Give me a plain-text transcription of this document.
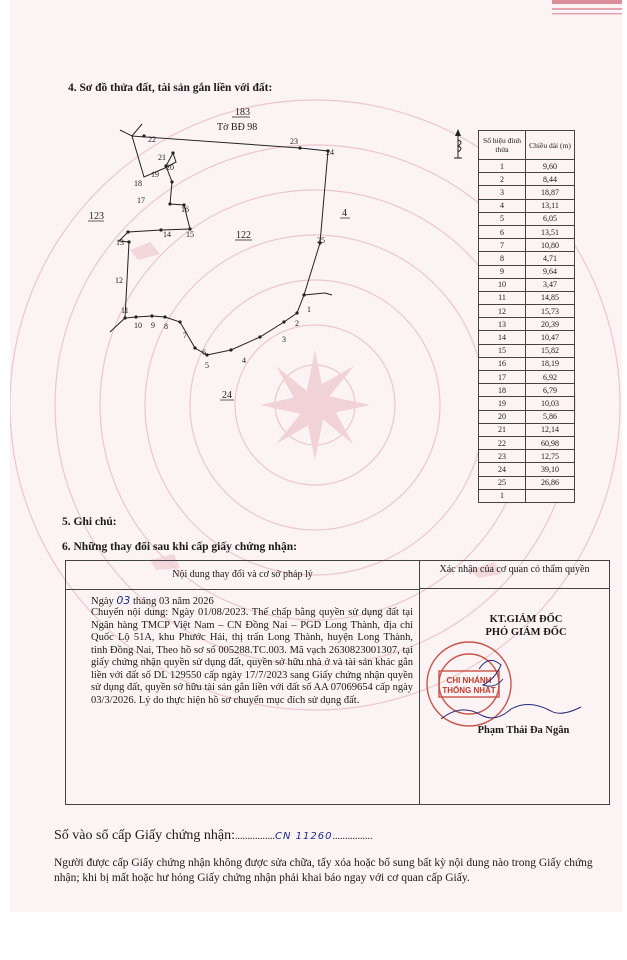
4. Sơ đồ thửa đất, tài sản gắn liền với đất:
1
2
3
4
5
6
7
8
9
10
11
12
13
14 15
16
17
18
19
20
21
22	23
24
25
183
Tờ BĐ 98
123
122
4
24
Số hiệu đỉnh thửa	Chiều dài (m)
1	9,60
2	8,44
3	18,87
4	13,11
5	6,05
6	13,51
7	10,80
8	4,71
9	9,64
10	3,47
11	14,85
12	15,73
13	20,39
14	10,47
15	15,82
16	18,19
17	6,92
18	6,79
19	10,03
20	5,86
21	12,14
22	60,98
23	12,75
24	39,10
25	26,86
1	
5. Ghi chú:
6. Những thay đổi sau khi cấp giấy chứng nhận:
Nội dung thay đổi và cơ sở pháp lý	Xác nhận của cơ quan có thẩm quyền
Ngày 03 tháng 03 năm 2026
Chuyển nội dung: Ngày 01/08/2023. Thế chấp bằng quyền sử dụng đất tại Ngân hàng TMCP Việt Nam – CN Đồng Nai – PGD Long Thành, địa chỉ Quốc Lộ 51A, khu Phước Hải, thị trấn Long Thành, huyện Long Thành, tỉnh Đồng Nai, Theo hồ sơ số 005288.TC.003. Mã vạch 2630823001307, tại giấy chứng nhận quyền sử dụng đất, quyền sở hữu nhà ở và tài sản khác gắn liền với đất số DL 129550 cấp ngày 17/7/2023 sang Giấy chứng nhận quyền sử dụng đất, quyền sở hữu tài sản gắn liền với đất số AA 07069654 cấp ngày 03/3/2026. Lý do thực hiện hồ sơ chuyển mục đích sử dụng đất.
KT.GIÁM ĐỐC
PHÓ GIÁM ĐỐC
CHI NHÁNH
THỐNG NHẤT
Phạm Thái Đa Ngân
Số vào sổ cấp Giấy chứng nhận:................CN 11260................
Người được cấp Giấy chứng nhận không được sửa chữa, tẩy xóa hoặc bổ sung bất kỳ nội dung nào trong Giấy chứng nhận; khi bị mất hoặc hư hỏng Giấy chứng nhận phải khai báo ngay với cơ quan cấp Giấy.
